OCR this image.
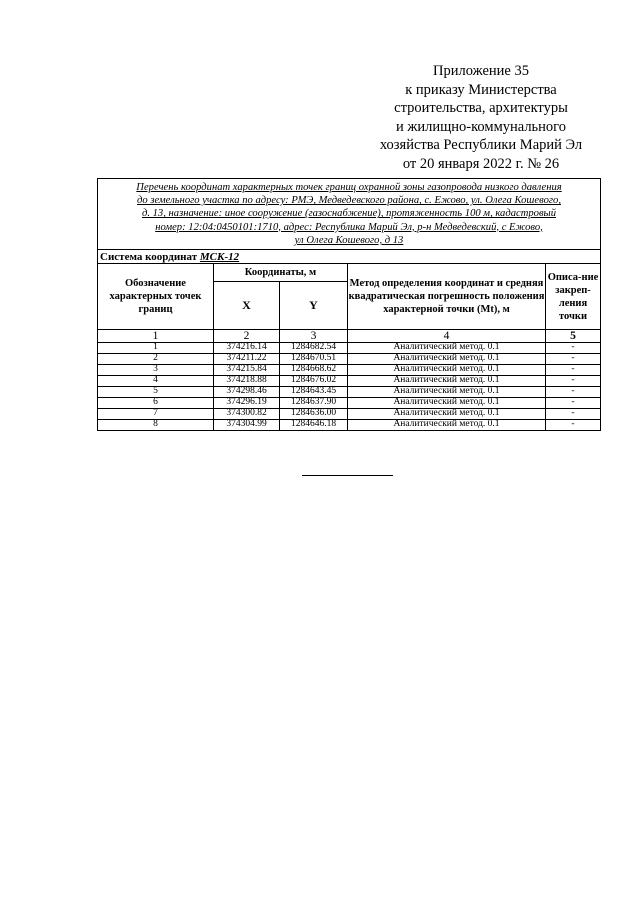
Приложение 35
к приказу Министерства
строительства, архитектуры
и жилищно-коммунального
хозяйства Республики Марий Эл
от 20 января 2022 г. № 26
Перечень координат характерных точек границ охранной зоны газопровода низкого давления
до земельного участка по адресу: РМЭ, Медведевского района, с. Ежово, ул. Олега Кошевого,
д. 13, назначение: иное сооружение (газоснабжение), протяженность 100 м, кадастровый
номер: 12:04:0450101:1710, адрес: Республика Марий Эл, р-н Медведевский, с Ежово,
ул Олега Кошевого, д 13				

Система координат МСК-12				
Обозначение характерных точек границ	Координаты, м		Метод определения координат и средняя квадратическая погрешность положения характерной точки (Mt), м	Описа-ние закреп-ления точки
	X	Y		
1	2	3	4	5
1	374216.14	1284682.54	Аналитический метод. 0.1	-
2	374211.22	1284670.51	Аналитический метод. 0.1	-
3	374215.84	1284668.62	Аналитический метод. 0.1	-
4	374218.88	1284676.02	Аналитический метод. 0.1	-
5	374298.46	1284643.45	Аналитический метод. 0.1	-
6	374296.19	1284637.90	Аналитический метод. 0.1	-
7	374300.82	1284636.00	Аналитический метод. 0.1	-
8	374304.99	1284646.18	Аналитический метод. 0.1	-
